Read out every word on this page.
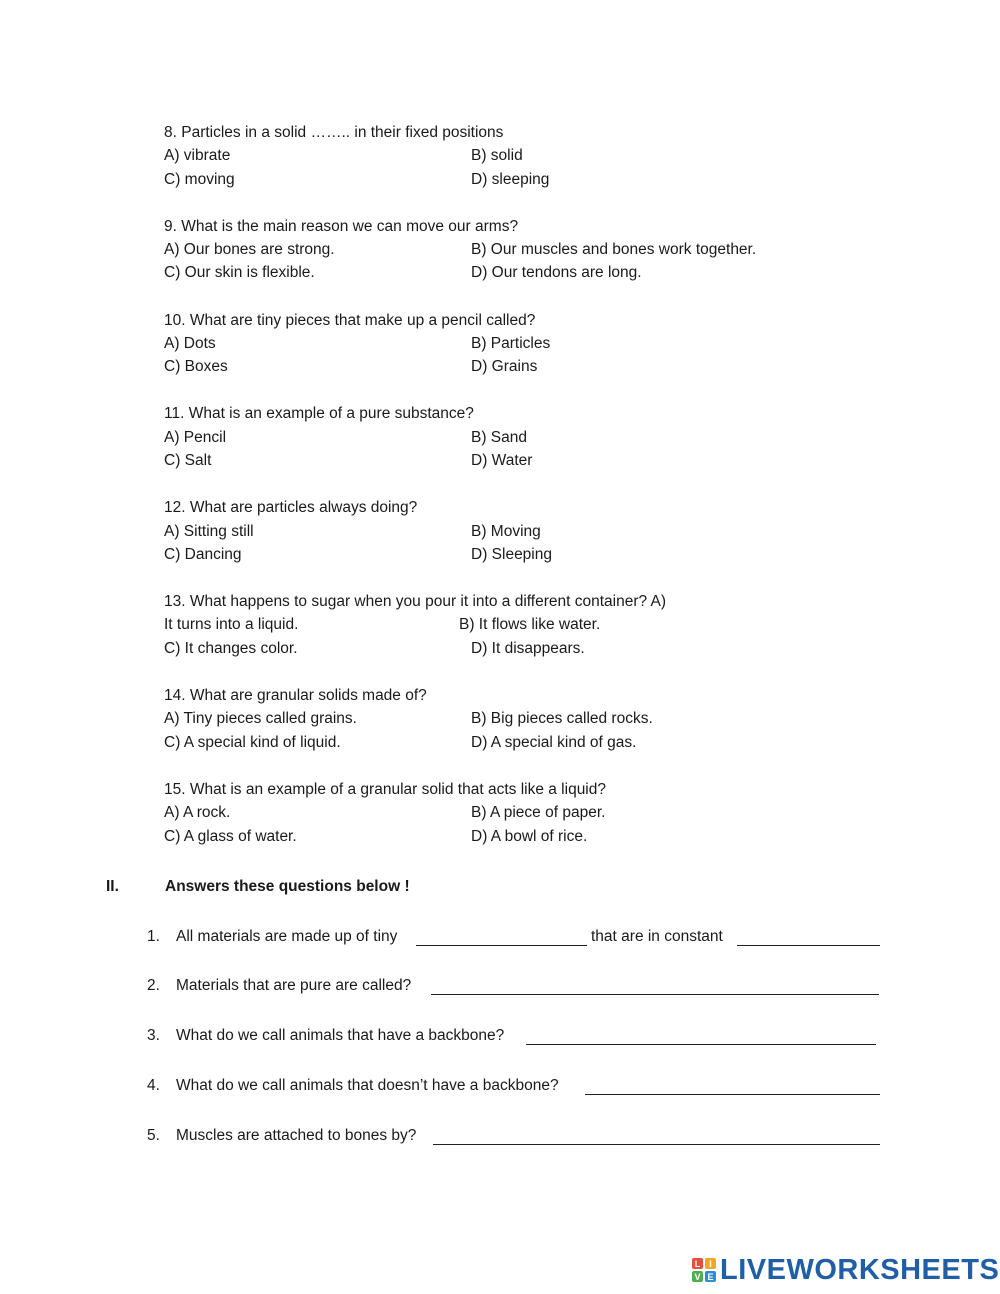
8. Particles in a solid …….. in their fixed positions
A) vibrate	B) solid
C) moving	D) sleeping
9. What is the main reason we can move our arms?
A) Our bones are strong.	B) Our muscles and bones work together.
C) Our skin is flexible.	D) Our tendons are long.
10. What are tiny pieces that make up a pencil called?
A) Dots	B) Particles
C) Boxes	D) Grains
11. What is an example of a pure substance?
A) Pencil	B) Sand
C) Salt	D) Water
12. What are particles always doing?
A) Sitting still	B) Moving
C) Dancing	D) Sleeping
13. What happens to sugar when you pour it into a different container? A)
It turns into a liquid.	B) It flows like water.
C) It changes color.	D) It disappears.
14. What are granular solids made of?
A) Tiny pieces called grains.	B) Big pieces called rocks.
C) A special kind of liquid.	D) A special kind of gas.
15. What is an example of a granular solid that acts like a liquid?
A) A rock.	B) A piece of paper.
C) A glass of water.	D) A bowl of rice.
II.	Answers these questions below !
1. All materials are made up of tiny	that are in constant
2. Materials that are pure are called?
3. What do we call animals that have a backbone?
4. What do we call animals that doesn’t have a backbone?
5. Muscles are attached to bones by?
L I
V E LIVEWORKSHEETS
